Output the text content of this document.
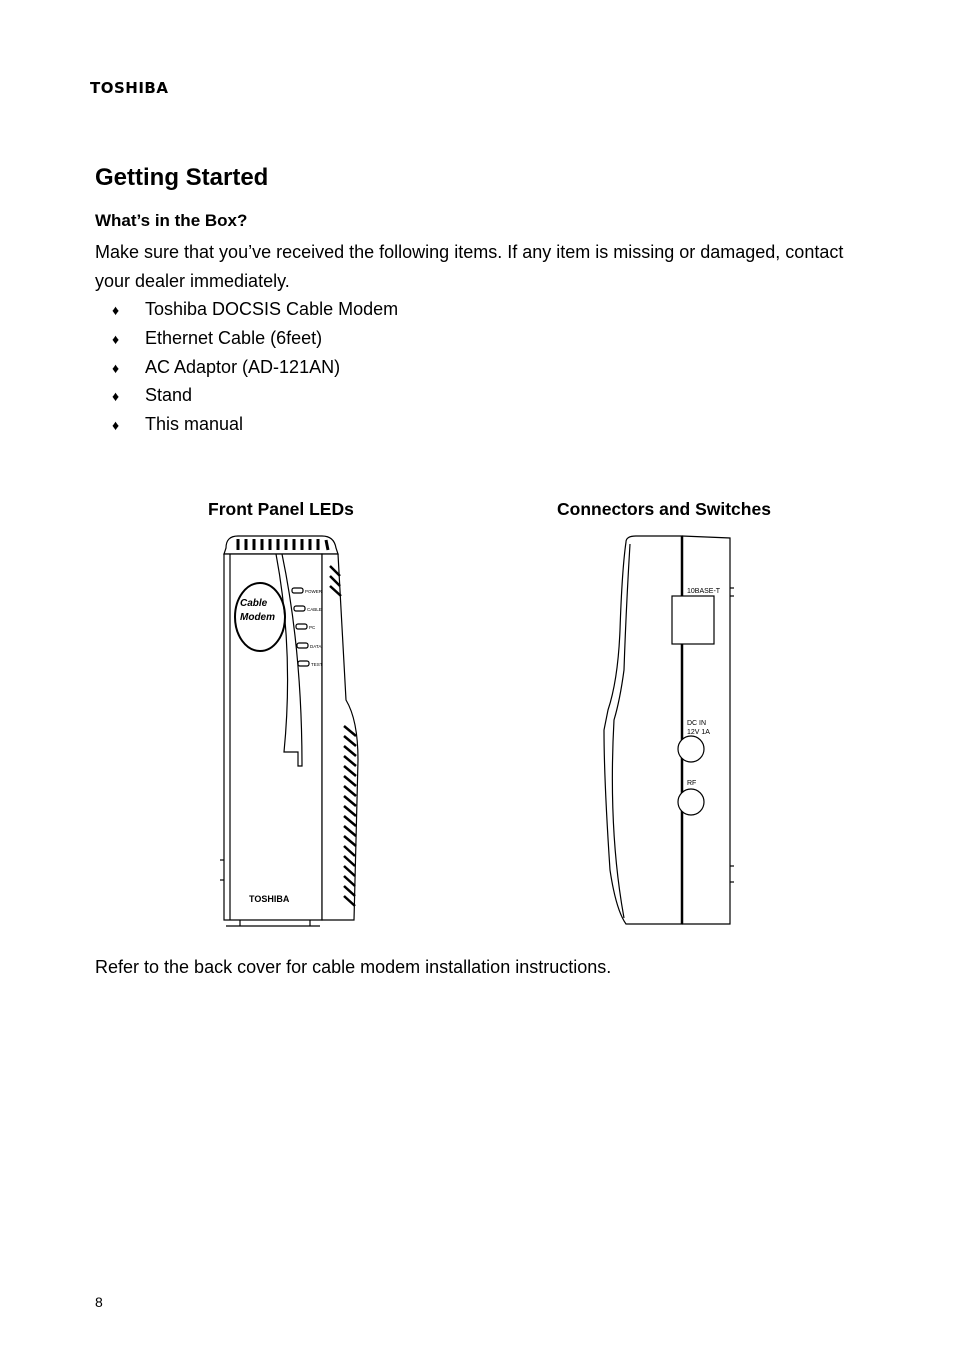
TOSHIBA
Getting Started
What’s in the Box?

Make sure that you’ve received the following items. If any item is missing or damaged, contact your dealer immediately.

♦ Toshiba DOCSIS Cable Modem
♦ Ethernet Cable (6feet)
♦ AC Adaptor (AD-121AN)
♦ Stand
♦ This manual
Front Panel LEDs	Connectors and Switches
Cable
Modem
POWER
CABLE
PC
DATA
TEST
TOSHIBA
10BASE-T
DC IN
12V 1A
RF

Refer to the back cover for cable modem installation instructions.

8
